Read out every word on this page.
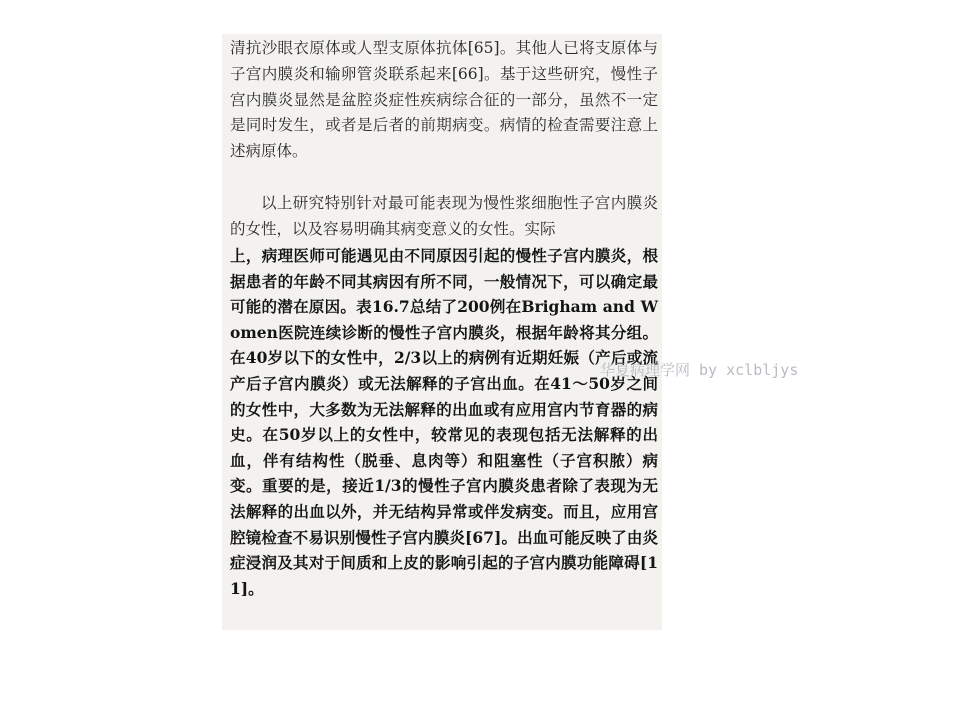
清抗沙眼衣原体或人型支原体抗体[65]。其他人已将支原体与子宫内膜炎和输卵管炎联系起来[66]。基于这些研究，慢性子宫内膜炎显然是盆腔炎症性疾病综合征的一部分，虽然不一定是同时发生，或者是后者的前期病变。病情的检查需要注意上述病原体。

以上研究特别针对最可能表现为慢性浆细胞性子宫内膜炎的女性，以及容易明确其病变意义的女性。实际

上，病理医师可能遇见由不同原因引起的慢性子宫内膜炎，根据患者的年龄不同其病因有所不同，一般情况下，可以确定最可能的潜在原因。表16.7总结了200例在Brigham and Women医院连续诊断的慢性子宫内膜炎，根据年龄将其分组。在40岁以下的女性中，2/3以上的病例有近期妊娠（产后或流产后子宫内膜炎）或无法解释的子宫出血。在41～50岁之间的女性中，大多数为无法解释的出血或有应用宫内节育器的病史。在50岁以上的女性中，较常见的表现包括无法解释的出血，伴有结构性（脱垂、息肉等）和阻塞性（子宫积脓）病变。重要的是，接近1/3的慢性子宫内膜炎患者除了表现为无法解释的出血以外，并无结构异常或伴发病变。而且，应用宫腔镜检查不易识别慢性子宫内膜炎[67]。出血可能反映了由炎症浸润及其对于间质和上皮的影响引起的子宫内膜功能障碍[11]。

华夏病理学网 by xclbljys
